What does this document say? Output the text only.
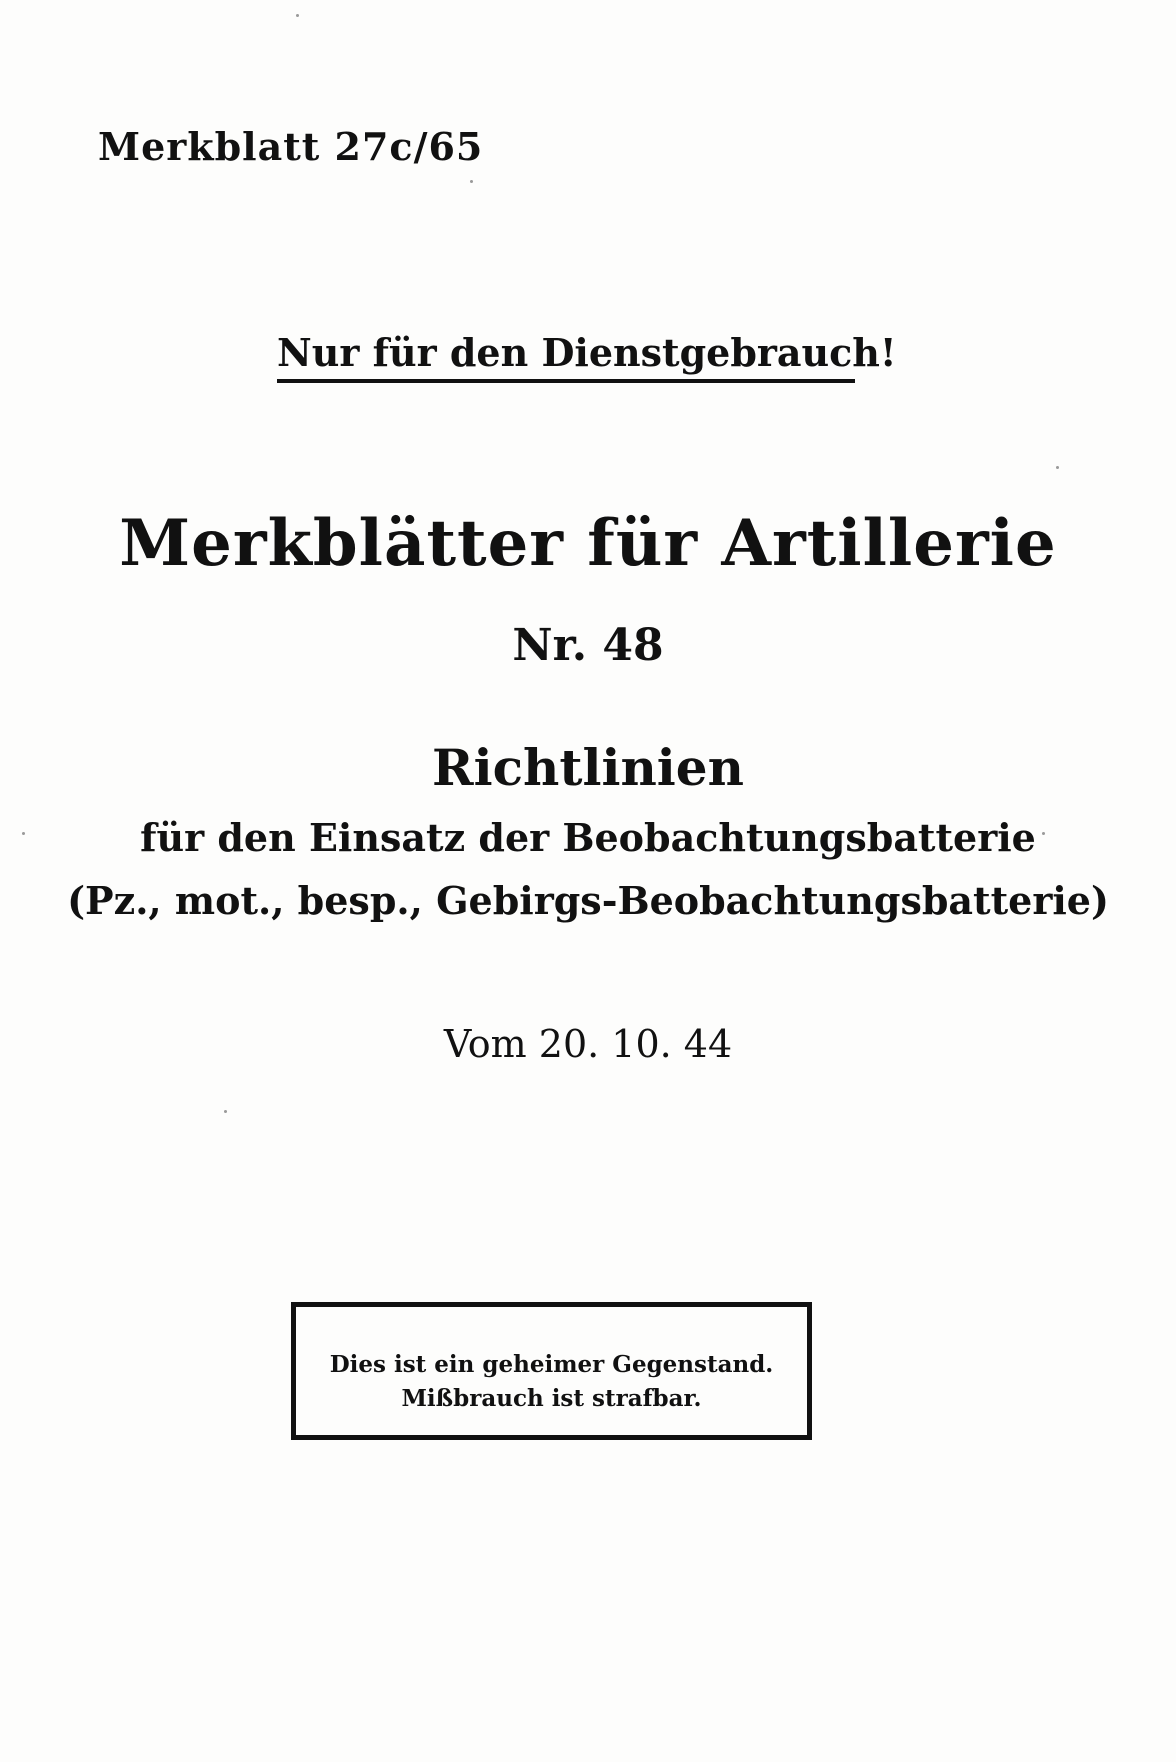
Merkblatt 27c/65
Nur für den Dienstgebrauch!
Merkblätter für Artillerie
Nr. 48
Richtlinien
für den Einsatz der Beobachtungsbatterie
(Pz., mot., besp., Gebirgs-Beobachtungsbatterie)
Vom 20. 10. 44
Dies ist ein geheimer Gegenstand.
Mißbrauch ist strafbar.
